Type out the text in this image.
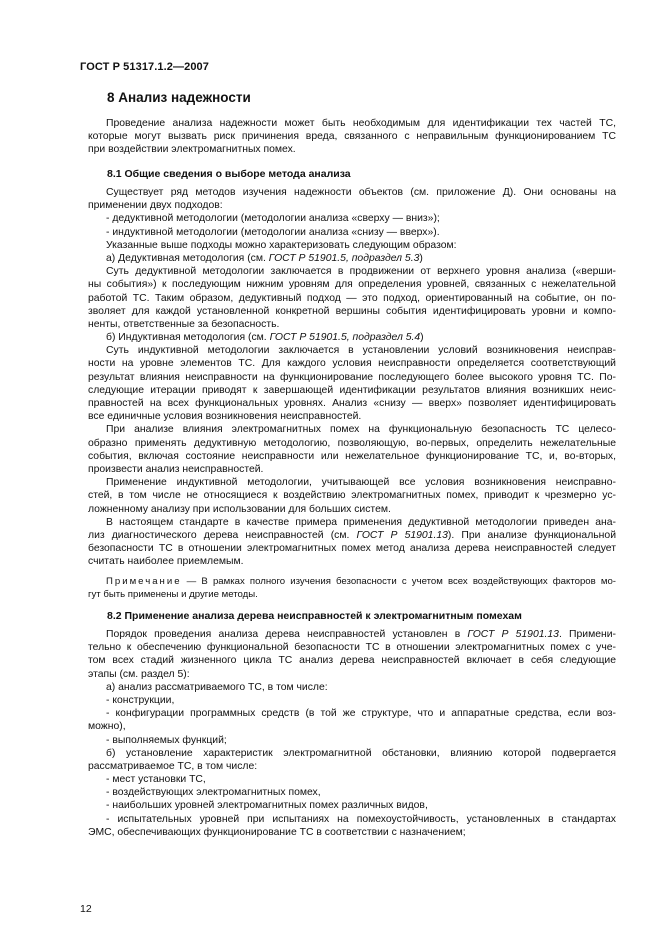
ГОСТ Р 51317.1.2—2007
8 Анализ надежности
Проведение анализа надежности может быть необходимым для идентификации тех частей ТС,
которые могут вызвать риск причинения вреда, связанного с неправильным функционированием ТС
при воздействии электромагнитных помех.
8.1 Общие сведения о выборе метода анализа
Существует ряд методов изучения надежности объектов (см. приложение Д). Они основаны на
применении двух подходов:
- дедуктивной методологии (методологии анализа «сверху — вниз»);
- индуктивной методологии (методологии анализа «снизу — вверх»).
Указанные выше подходы можно характеризовать следующим образом:
а) Дедуктивная методология (см. ГОСТ Р 51901.5, подраздел 5.3)
Суть дедуктивной методологии заключается в продвижении от верхнего уровня анализа («верши-
ны события») к последующим нижним уровням для определения уровней, связанных с нежелательной
работой ТС. Таким образом, дедуктивный подход — это подход, ориентированный на событие, он по-
зволяет для каждой установленной конкретной вершины события идентифицировать уровни и компо-
ненты, ответственные за безопасность.
б) Индуктивная методология (см. ГОСТ Р 51901.5, подраздел 5.4)
Суть индуктивной методологии заключается в установлении условий возникновения неисправ-
ности на уровне элементов ТС. Для каждого условия неисправности определяется соответствующий
результат влияния неисправности на функционирование последующего более высокого уровня ТС. По-
следующие итерации приводят к завершающей идентификации результатов влияния возникших неис-
правностей на всех функциональных уровнях. Анализ «снизу — вверх» позволяет идентифицировать
все единичные условия возникновения неисправностей.
При анализе влияния электромагнитных помех на функциональную безопасность ТС целесо-
образно применять дедуктивную методологию, позволяющую, во-первых, определить нежелательные
события, включая состояние неисправности или нежелательное функционирование ТС, и, во-вторых,
произвести анализ неисправностей.
Применение индуктивной методологии, учитывающей все условия возникновения неисправно-
стей, в том числе не относящиеся к воздействию электромагнитных помех, приводит к чрезмерно ус-
ложненному анализу при использовании для больших систем.
В настоящем стандарте в качестве примера применения дедуктивной методологии приведен ана-
лиз диагностического дерева неисправностей (см. ГОСТ Р 51901.13). При анализе функциональной
безопасности ТС в отношении электромагнитных помех метод анализа дерева неисправностей следует
считать наиболее приемлемым.
Примечание — В рамках полного изучения безопасности с учетом всех воздействующих факторов мо-
гут быть применены и другие методы.
8.2 Применение анализа дерева неисправностей к электромагнитным помехам
Порядок проведения анализа дерева неисправностей установлен в ГОСТ Р 51901.13. Примени-
тельно к обеспечению функциональной безопасности ТС в отношении электромагнитных помех с уче-
том всех стадий жизненного цикла ТС анализ дерева неисправностей включает в себя следующие
этапы (см. раздел 5):
а) анализ рассматриваемого ТС, в том числе:
- конструкции,
- конфигурации программных средств (в той же структуре, что и аппаратные средства, если воз-
можно),
- выполняемых функций;
б) установление характеристик электромагнитной обстановки, влиянию которой подвергается
рассматриваемое ТС, в том числе:
- мест установки ТС,
- воздействующих электромагнитных помех,
- наибольших уровней электромагнитных помех различных видов,
- испытательных уровней при испытаниях на помехоустойчивость, установленных в стандартах
ЭМС, обеспечивающих функционирование ТС в соответствии с назначением;
12
